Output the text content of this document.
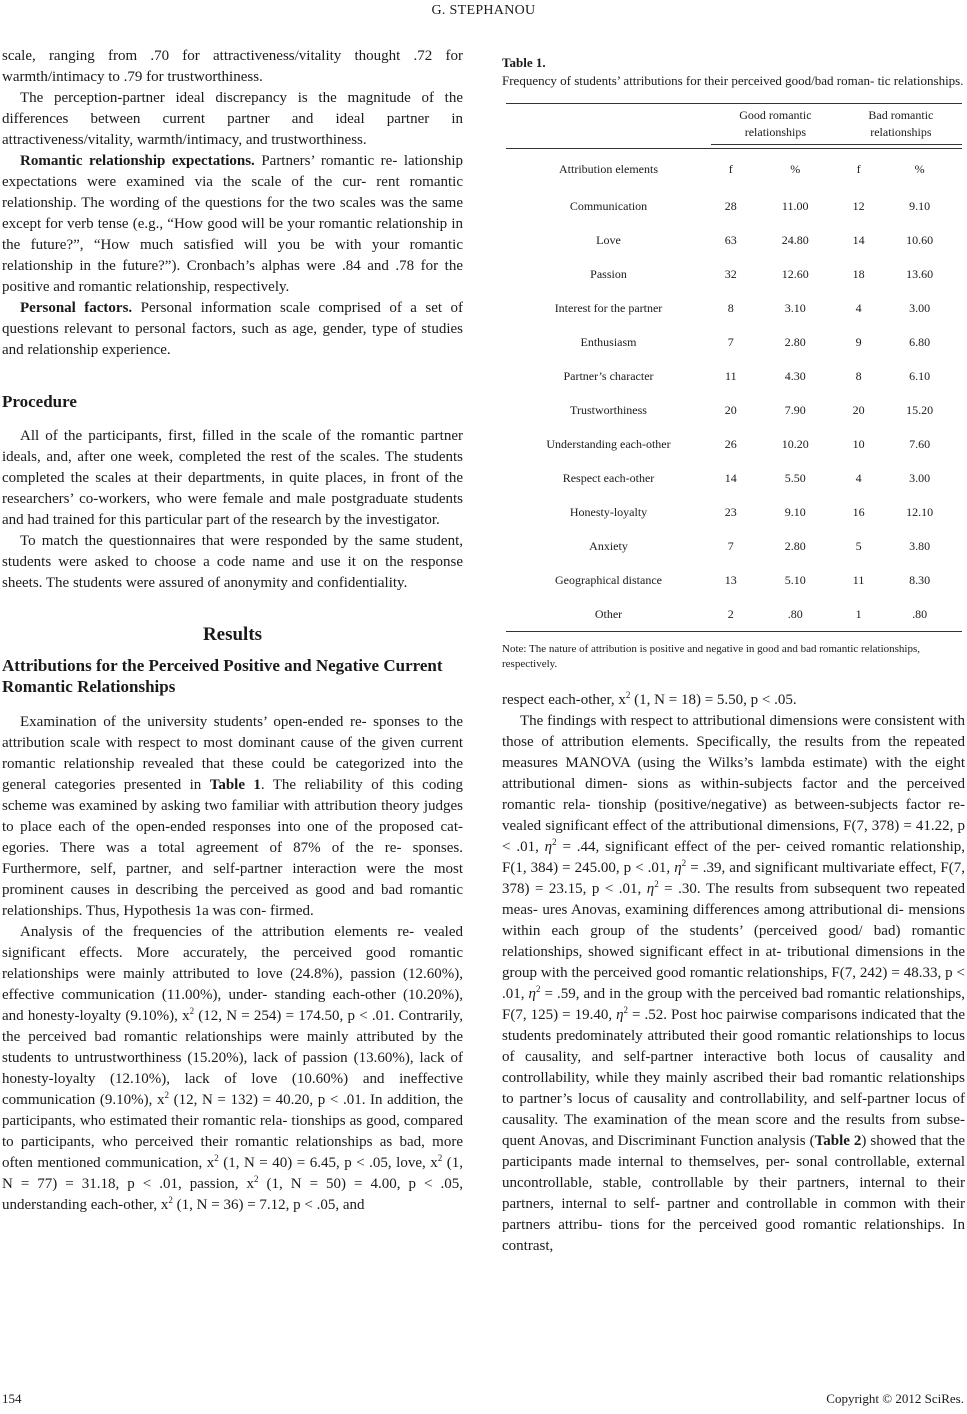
G. STEPHANOU

scale, ranging from .70 for attractiveness/vitality thought .72 for warmth/intimacy to .79 for trustworthiness.

The perception-partner ideal discrepancy is the magnitude of the differences between current partner and ideal partner in attractiveness/vitality, warmth/intimacy, and trustworthiness.

Romantic relationship expectations. Partners’ romantic re- lationship expectations were examined via the scale of the cur- rent romantic relationship. The wording of the questions for the two scales was the same except for verb tense (e.g., “How good will be your romantic relationship in the future?”, “How much satisfied will you be with your romantic relationship in the future?”). Cronbach’s alphas were .84 and .78 for the positive and romantic relationship, respectively.

Personal factors. Personal information scale comprised of a set of questions relevant to personal factors, such as age, gender, type of studies and relationship experience.

Procedure

All of the participants, first, filled in the scale of the romantic partner ideals, and, after one week, completed the rest of the scales. The students completed the scales at their departments, in quite places, in front of the researchers’ co-workers, who were female and male postgraduate students and had trained for this particular part of the research by the investigator.

To match the questionnaires that were responded by the same student, students were asked to choose a code name and use it on the response sheets. The students were assured of anonymity and confidentiality.

Results
Attributions for the Perceived Positive and Negative Current Romantic Relationships

Examination of the university students’ open-ended re- sponses to the attribution scale with respect to most dominant cause of the given current romantic relationship revealed that these could be categorized into the general categories presented in Table 1. The reliability of this coding scheme was examined by asking two familiar with attribution theory judges to place each of the open-ended responses into one of the proposed cat- egories. There was a total agreement of 87% of the re- sponses. Furthermore, self, partner, and self-partner interaction were the most prominent causes in describing the perceived as good and bad romantic relationships. Thus, Hypothesis 1a was con- firmed.

Analysis of the frequencies of the attribution elements re- vealed significant effects. More accurately, the perceived good romantic relationships were mainly attributed to love (24.8%), passion (12.60%), effective communication (11.00%), under- standing each-other (10.20%), and honesty-loyalty (9.10%), $x^2$ (12, N = 254) = 174.50, p < .01. Contrarily, the perceived bad romantic relationships were mainly attributed by the students to untrustworthiness (15.20%), lack of passion (13.60%), lack of honesty-loyalty (12.10%), lack of love (10.60%) and ineffective communication (9.10%), $x^2$ (12, N = 132) = 40.20, p < .01. In addition, the participants, who estimated their romantic rela- tionships as good, compared to participants, who perceived their romantic relationships as bad, more often mentioned communication, $x^2$ (1, N = 40) = 6.45, p < .05, love, $x^2$ (1, N = 77) = 31.18, p < .01, passion, $x^2$ (1, N = 50) = 4.00, p < .05, understanding each-other, $x^2$ (1, N = 36) = 7.12, p < .05, and

Table 1.
Frequency of students’ attributions for their perceived good/bad roman- tic relationships.
	Good romantic relationships		Bad romantic relationships	
Attribution elements	f	%	f	%
Communication	28	11.00	12	9.10
Love	63	24.80	14	10.60
Passion	32	12.60	18	13.60
Interest for the partner	8	3.10	4	3.00
Enthusiasm	7	2.80	9	6.80
Partner’s character	11	4.30	8	6.10
Trustworthiness	20	7.90	20	15.20
Understanding each-other	26	10.20	10	7.60
Respect each-other	14	5.50	4	3.00
Honesty-loyalty	23	9.10	16	12.10
Anxiety	7	2.80	5	3.80
Geographical distance	13	5.10	11	8.30
Other	2	.80	1	.80
Note: The nature of attribution is positive and negative in good and bad romantic relationships, respectively.

respect each-other, $x^2$ (1, N = 18) = 5.50, p < .05.

The findings with respect to attributional dimensions were consistent with those of attribution elements. Specifically, the results from the repeated measures MANOVA (using the Wilks’s lambda estimate) with the eight attributional dimen- sions as within-subjects factor and the perceived romantic rela- tionship (positive/negative) as between-subjects factor re- vealed significant effect of the attributional dimensions, F(7, 378) = 41.22, p < .01, $\eta^2 = .44$, significant effect of the per- ceived romantic relationship, F(1, 384) = 245.00, p < .01, $\eta^2 = .39$, and significant multivariate effect, F(7, 378) = 23.15, p < .01, $\eta^2 = .30$. The results from subsequent two repeated meas- ures Anovas, examining differences among attributional di- mensions within each group of the students’ (perceived good/ bad) romantic relationships, showed significant effect in at- tributional dimensions in the group with the perceived good romantic relationships, F(7, 242) = 48.33, p < .01, $\eta^2 = .59$, and in the group with the perceived bad romantic relationships, F(7, 125) = 19.40, $\eta^2 = .52$. Post hoc pairwise comparisons indicated that the students predominately attributed their good romantic relationships to locus of causality, and self-partner interactive both locus of causality and controllability, while they mainly ascribed their bad romantic relationships to partner’s locus of causality and controllability, and self-partner locus of causality. The examination of the mean score and the results from subse- quent Anovas, and Discriminant Function analysis (Table 2) showed that the participants made internal to themselves, per- sonal controllable, external uncontrollable, stable, controllable by their partners, internal to their partners, internal to self- partner and controllable in common with their partners attribu- tions for the perceived good romantic relationships. In contrast,

154	Copyright © 2012 SciRes.
